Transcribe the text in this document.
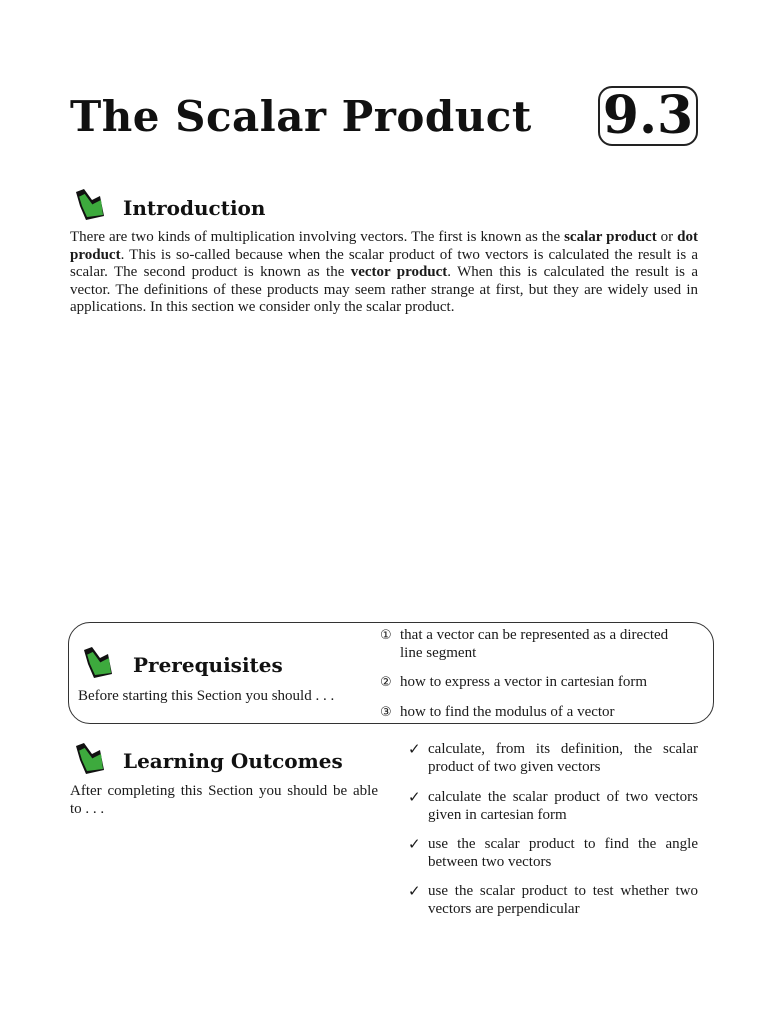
The Scalar Product 9.3
Introduction

There are two kinds of multiplication involving vectors. The first is known as the scalar product or dot product. This is so-called because when the scalar product of two vectors is calculated the result is a scalar. The second product is known as the vector product. When this is calculated the result is a vector. The definitions of these products may seem rather strange at first, but they are widely used in applications. In this section we consider only the scalar product.

Prerequisites

Before starting this Section you should . . .

① that a vector can be represented as a directed line segment
② how to express a vector in cartesian form
③ how to find the modulus of a vector
Learning Outcomes

After completing this Section you should be able to . . .

✓ calculate, from its definition, the scalar product of two given vectors
✓ calculate the scalar product of two vectors given in cartesian form
✓ use the scalar product to find the angle between two vectors
✓ use the scalar product to test whether two vectors are perpendicular
